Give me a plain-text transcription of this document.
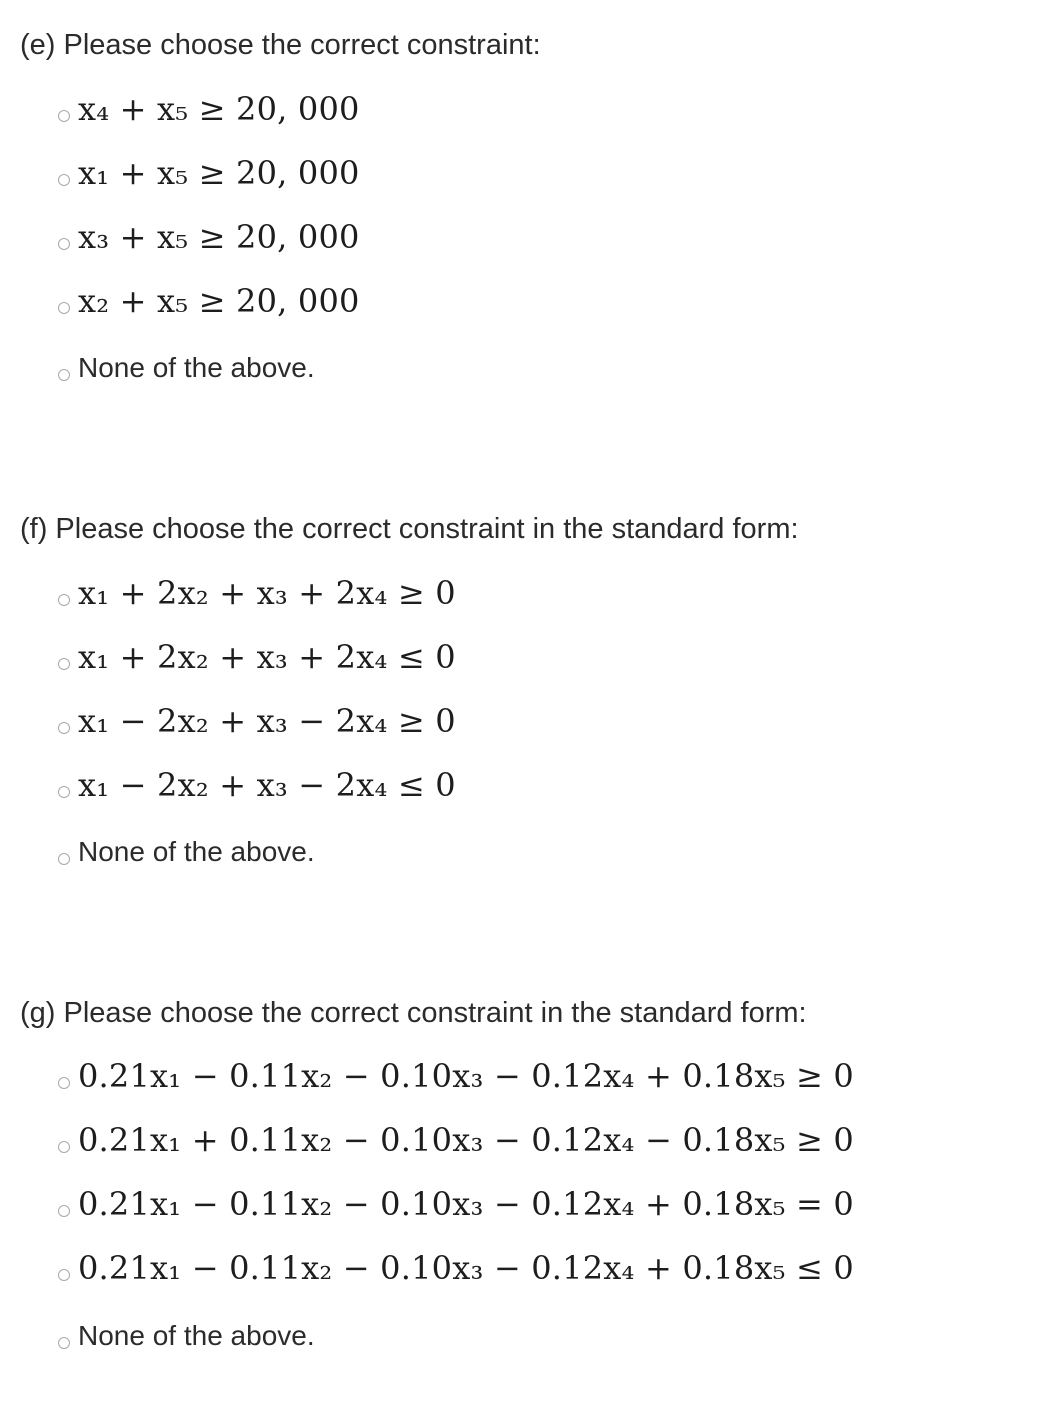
(e) Please choose the correct constraint:
x₄ + x₅ ≥ 20, 000
x₁ + x₅ ≥ 20, 000
x₃ + x₅ ≥ 20, 000
x₂ + x₅ ≥ 20, 000
None of the above.
(f) Please choose the correct constraint in the standard form:
x₁ + 2x₂ + x₃ + 2x₄ ≥ 0
x₁ + 2x₂ + x₃ + 2x₄ ≤ 0
x₁ − 2x₂ + x₃ − 2x₄ ≥ 0
x₁ − 2x₂ + x₃ − 2x₄ ≤ 0
None of the above.
(g) Please choose the correct constraint in the standard form:
0.21x₁ − 0.11x₂ − 0.10x₃ − 0.12x₄ + 0.18x₅ ≥ 0
0.21x₁ + 0.11x₂ − 0.10x₃ − 0.12x₄ − 0.18x₅ ≥ 0
0.21x₁ − 0.11x₂ − 0.10x₃ − 0.12x₄ + 0.18x₅ = 0
0.21x₁ − 0.11x₂ − 0.10x₃ − 0.12x₄ + 0.18x₅ ≤ 0
None of the above.
